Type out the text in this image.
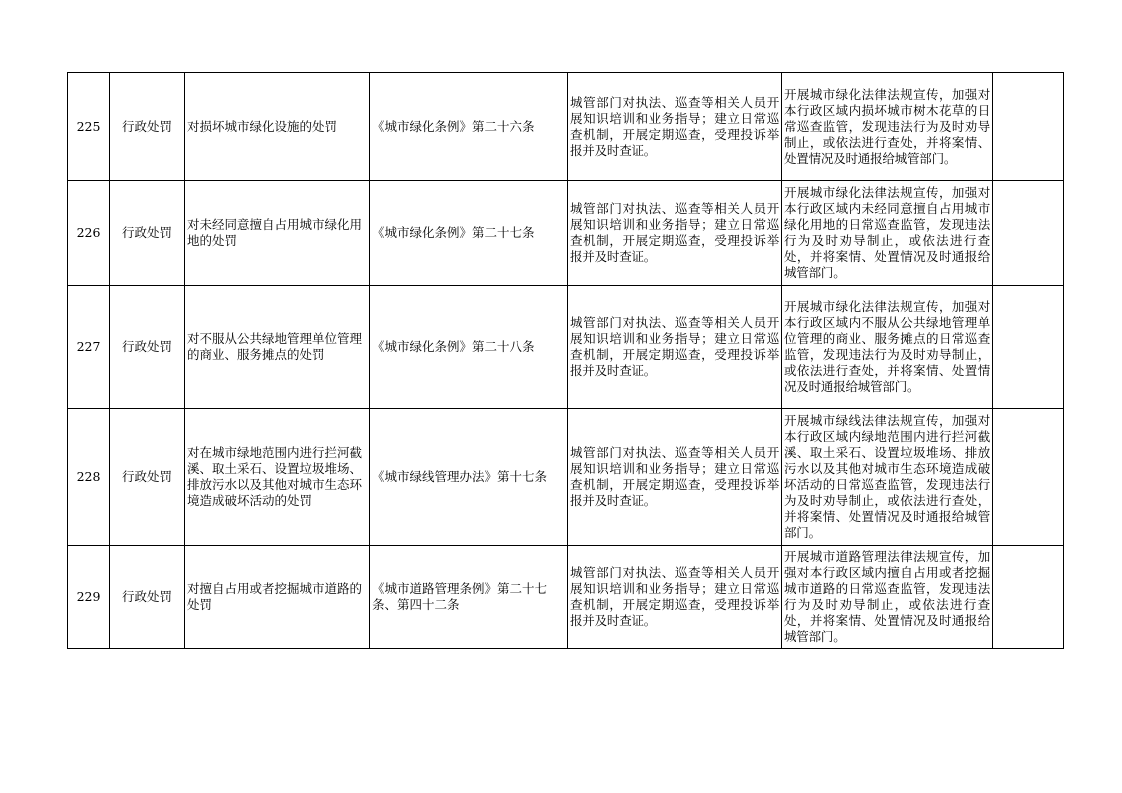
225	行政处罚	对损坏城市绿化设施的处罚	《城市绿化条例》第二十六条	城管部门对执法、巡查等相关人员开展知识培训和业务指导；建立日常巡查机制，开展定期巡查，受理投诉举报并及时查证。	开展城市绿化法律法规宣传，加强对本行政区域内损坏城市树木花草的日常巡查监管，发现违法行为及时劝导制止，或依法进行查处，并将案情、处置情况及时通报给城管部门。	
226	行政处罚	对未经同意擅自占用城市绿化用地的处罚	《城市绿化条例》第二十七条	城管部门对执法、巡查等相关人员开展知识培训和业务指导；建立日常巡查机制，开展定期巡查，受理投诉举报并及时查证。	开展城市绿化法律法规宣传，加强对本行政区域内未经同意擅自占用城市绿化用地的日常巡查监管，发现违法行为及时劝导制止，或依法进行查处，并将案情、处置情况及时通报给城管部门。	
227	行政处罚	对不服从公共绿地管理单位管理的商业、服务摊点的处罚	《城市绿化条例》第二十八条	城管部门对执法、巡查等相关人员开展知识培训和业务指导；建立日常巡查机制，开展定期巡查，受理投诉举报并及时查证。	开展城市绿化法律法规宣传，加强对本行政区域内不服从公共绿地管理单位管理的商业、服务摊点的日常巡查监管，发现违法行为及时劝导制止，或依法进行查处，并将案情、处置情况及时通报给城管部门。	
228	行政处罚	对在城市绿地范围内进行拦河截溪、取土采石、设置垃圾堆场、排放污水以及其他对城市生态环境造成破坏活动的处罚	《城市绿线管理办法》第十七条	城管部门对执法、巡查等相关人员开展知识培训和业务指导；建立日常巡查机制，开展定期巡查，受理投诉举报并及时查证。	开展城市绿线法律法规宣传，加强对本行政区域内绿地范围内进行拦河截溪、取土采石、设置垃圾堆场、排放污水以及其他对城市生态环境造成破坏活动的日常巡查监管，发现违法行为及时劝导制止，或依法进行查处，并将案情、处置情况及时通报给城管部门。	
229	行政处罚	对擅自占用或者挖掘城市道路的处罚	《城市道路管理条例》第二十七条、第四十二条	城管部门对执法、巡查等相关人员开展知识培训和业务指导；建立日常巡查机制，开展定期巡查，受理投诉举报并及时查证。	开展城市道路管理法律法规宣传，加强对本行政区域内擅自占用或者挖掘城市道路的日常巡查监管，发现违法行为及时劝导制止，或依法进行查处，并将案情、处置情况及时通报给城管部门。	
